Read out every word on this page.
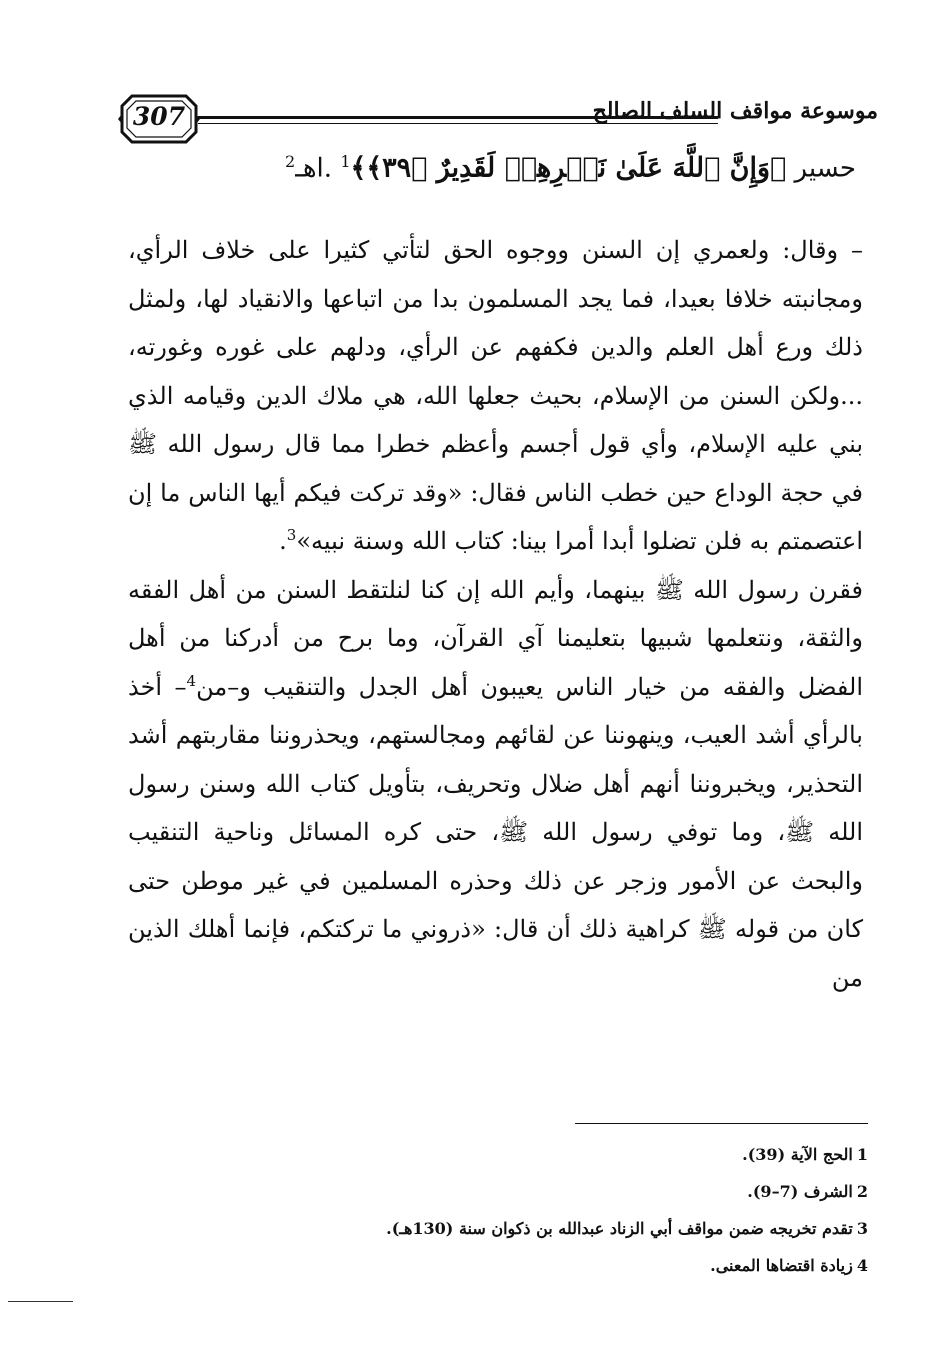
307	موسوعة مواقف السلف الصالح
حسير ﴿وَإِنَّ ٱللَّهَ عَلَىٰ نَصۡرِهِمۡ لَقَدِيرٌ ﴿٣٩﴾﴾$^1$ .اهـ$^2$

– وقال: ولعمري إن السنن ووجوه الحق لتأتي كثيرا على خلاف الرأي، ومجانبته خلافا بعيدا، فما يجد المسلمون بدا من اتباعها والانقياد لها، ولمثل ذلك ورع أهل العلم والدين فكفهم عن الرأي، ودلهم على غوره وغورته، ...ولكن السنن من الإسلام، بحيث جعلها الله، هي ملاك الدين وقيامه الذي بني عليه الإسلام، وأي قول أجسم وأعظم خطرا مما قال رسول الله ﷺ في حجة الوداع حين خطب الناس فقال: «وقد تركت فيكم أيها الناس ما إن اعتصمتم به فلن تضلوا أبدا أمرا بينا: كتاب الله وسنة نبيه»$^3$.

فقرن رسول الله ﷺ بينهما، وأيم الله إن كنا لنلتقط السنن من أهل الفقه والثقة، ونتعلمها شبيها بتعليمنا آي القرآن، وما برح من أدركنا من أهل الفضل والفقه من خيار الناس يعيبون أهل الجدل والتنقيب و–من$^4$– أخذ بالرأي أشد العيب، وينهوننا عن لقائهم ومجالستهم، ويحذروننا مقاربتهم أشد التحذير، ويخبروننا أنهم أهل ضلال وتحريف، بتأويل كتاب الله وسنن رسول الله ﷺ، وما توفي رسول الله ﷺ، حتى كره المسائل وناحية التنقيب والبحث عن الأمور وزجر عن ذلك وحذره المسلمين في غير موطن حتى كان من قوله ﷺ كراهية ذلك أن قال: «ذروني ما تركتكم، فإنما أهلك الذين من

1الحج الآية (39).
2الشرف (7–9).
3تقدم تخريجه ضمن مواقف أبي الزناد عبدالله بن ذكوان سنة (130هـ).
4زيادة اقتضاها المعنى.
